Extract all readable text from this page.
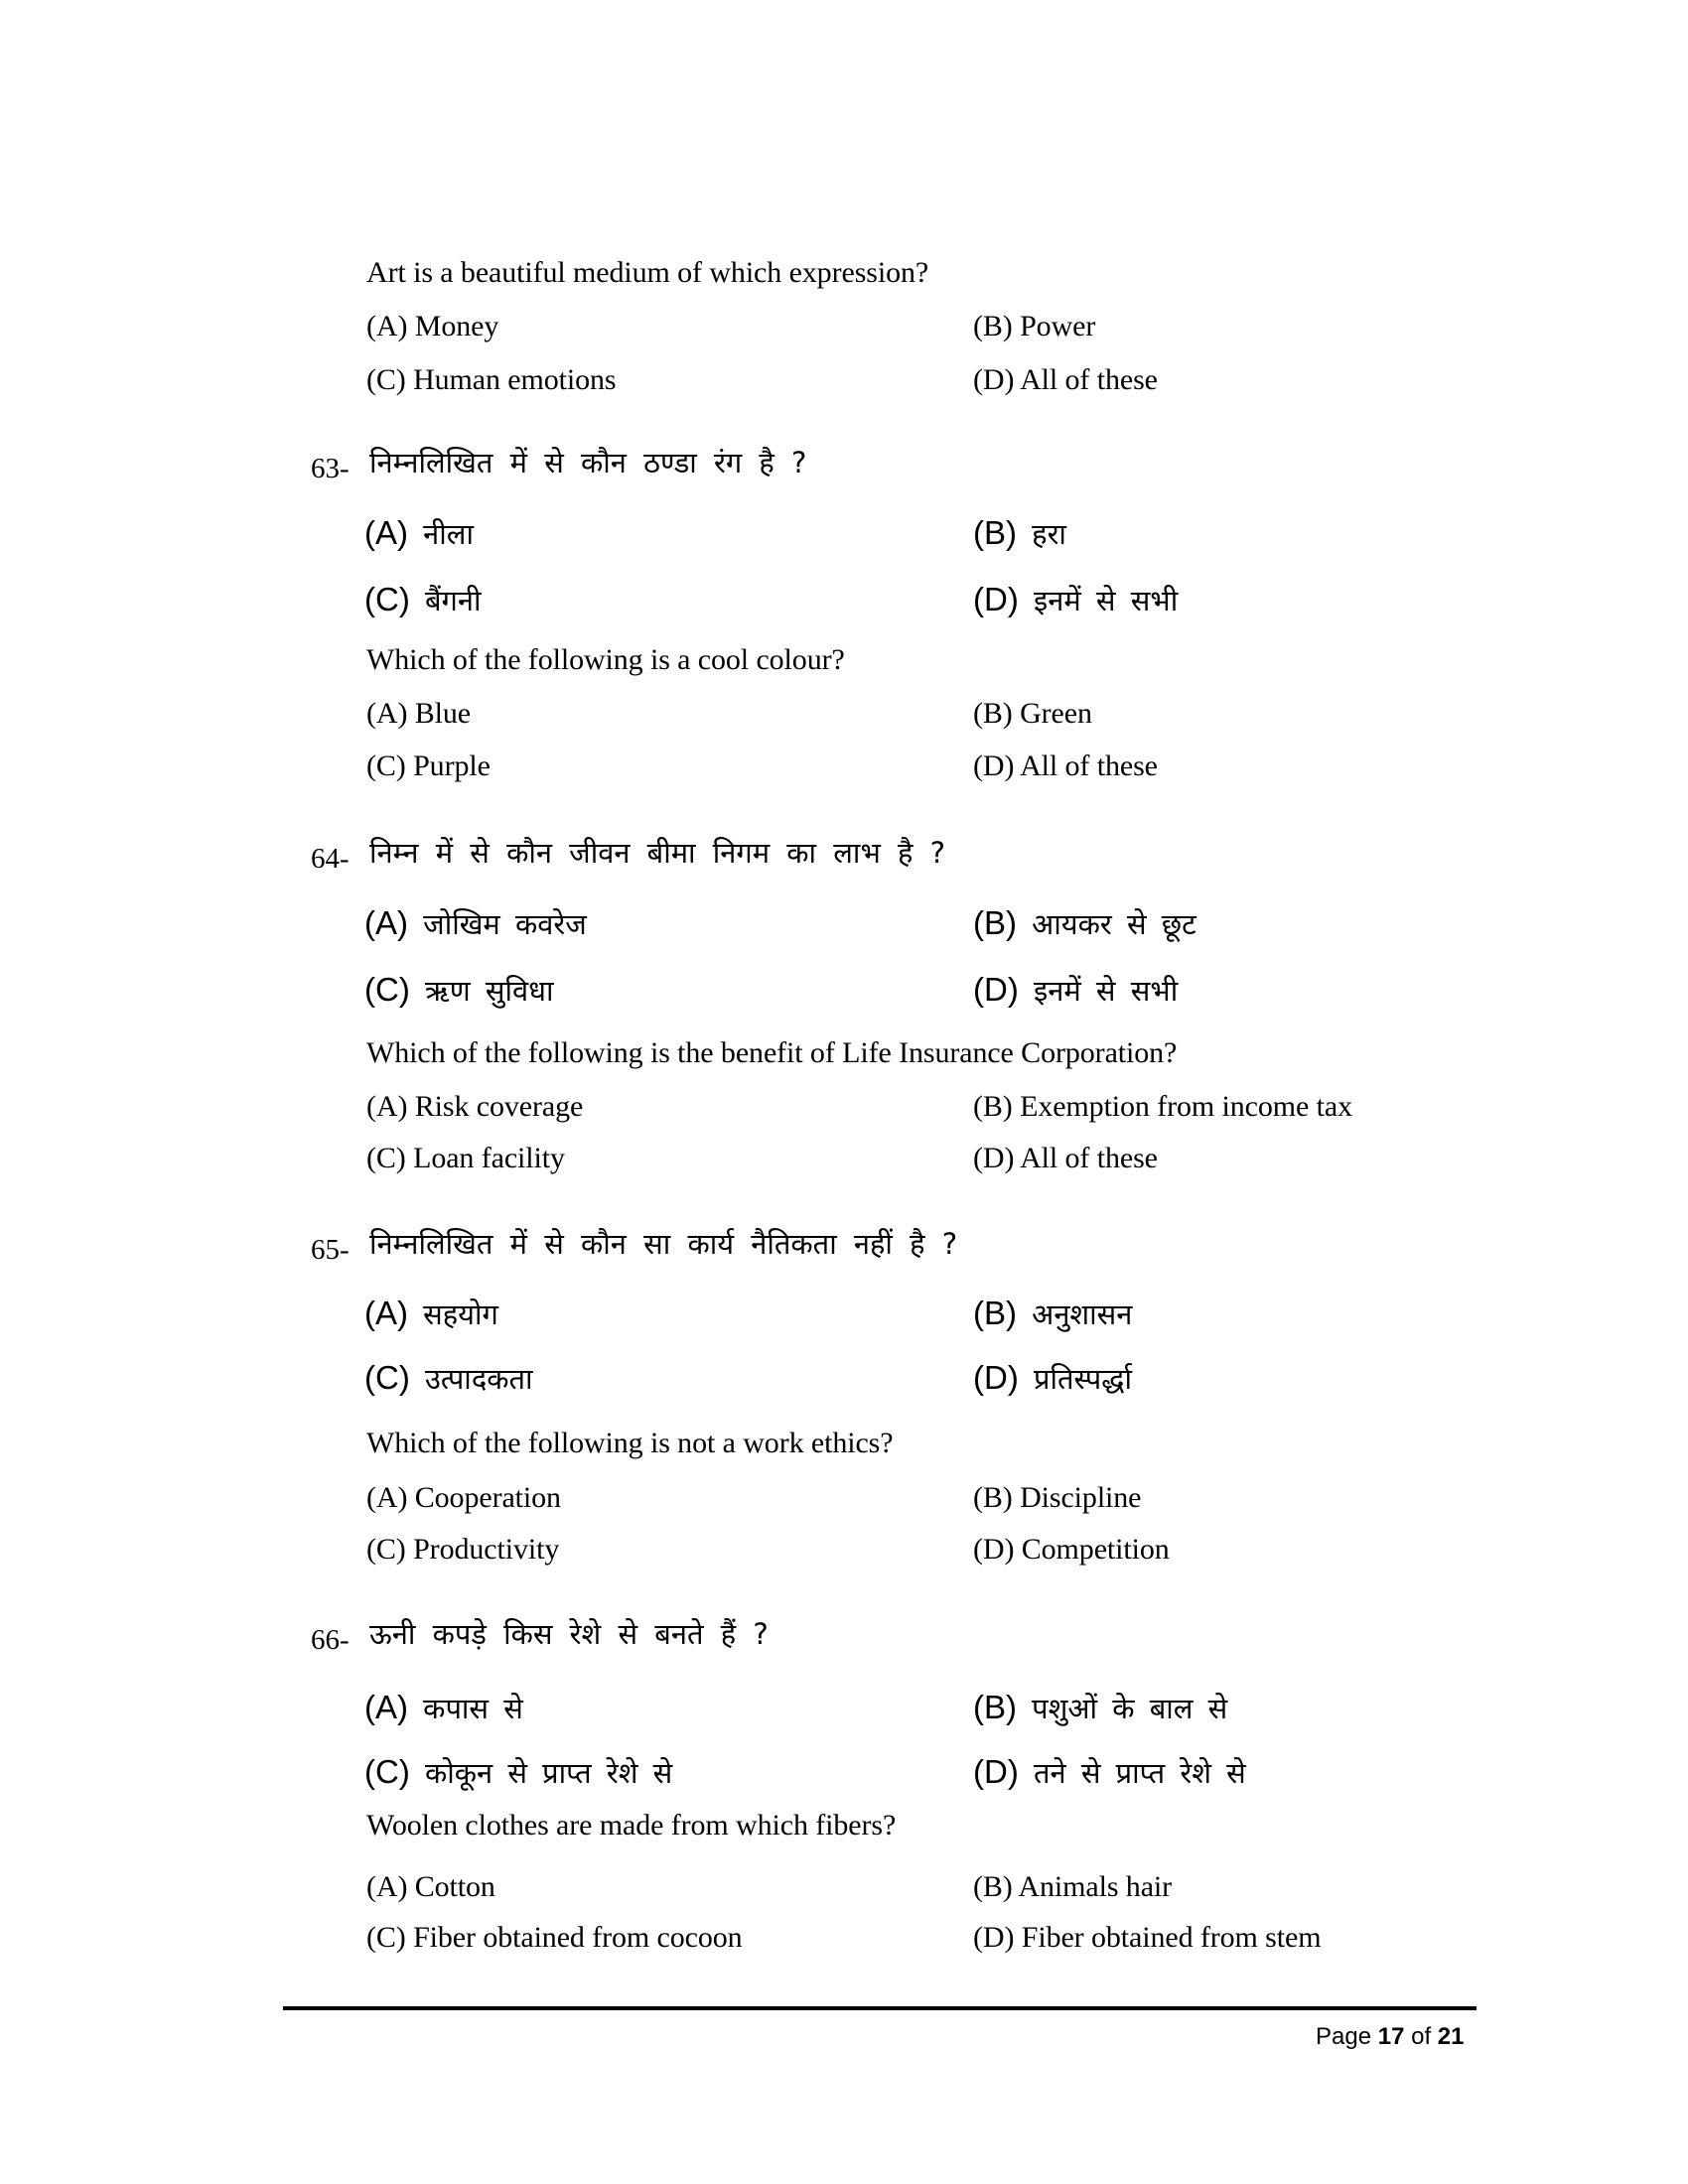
Art is a beautiful medium of which expression?
(A) Money	(B) Power
(C) Human emotions	(D) All of these
63- निम्नलिखित में से कौन ठण्डा रंग है ?
(A) नीला	(B) हरा
(C) बैंगनी	(D) इनमें से सभी
Which of the following is a cool colour?
(A) Blue	(B) Green
(C) Purple	(D) All of these
64- निम्न में से कौन जीवन बीमा निगम का लाभ है ?
(A) जोखिम कवरेज	(B) आयकर से छूट
(C) ऋण सुविधा	(D) इनमें से सभी
Which of the following is the benefit of Life Insurance Corporation?
(A) Risk coverage	(B) Exemption from income tax
(C) Loan facility	(D) All of these
65- निम्नलिखित में से कौन सा कार्य नैतिकता नहीं है ?
(A) सहयोग	(B) अनुशासन
(C) उत्पादकता	(D) प्रतिस्पर्द्धा
Which of the following is not a work ethics?
(A) Cooperation	(B) Discipline
(C) Productivity	(D) Competition
66- ऊनी कपड़े किस रेशे से बनते हैं ?
(A) कपास से	(B) पशुओं के बाल से
(C) कोकून से प्राप्त रेशे से	(D) तने से प्राप्त रेशे से
Woolen clothes are made from which fibers?
(A) Cotton	(B) Animals hair
(C) Fiber obtained from cocoon	(D) Fiber obtained from stem
Page 17 of 21
